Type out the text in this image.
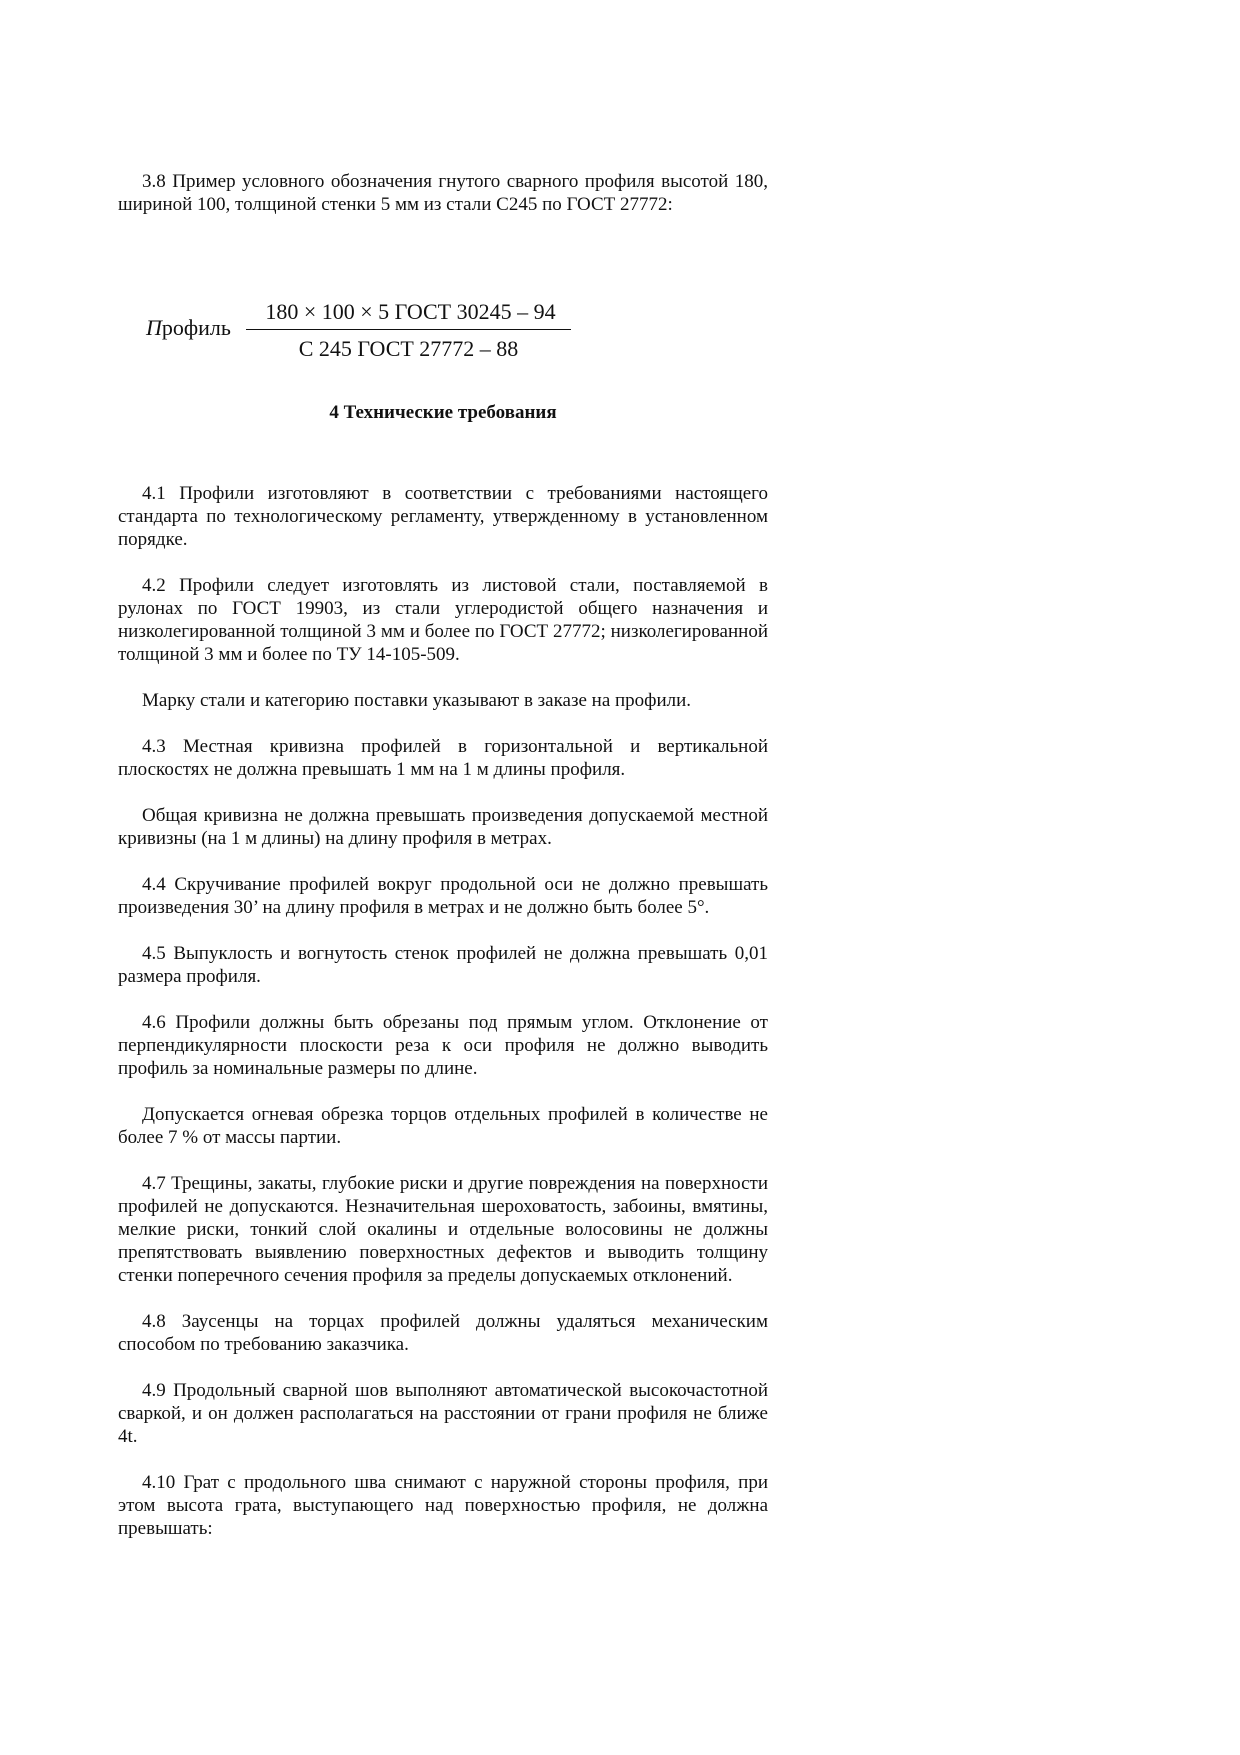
3.8 Пример условного обозначения гнутого сварного профиля высотой 180, шириной 100, толщиной стенки 5 мм из стали С245 по ГОСТ 27772:

Профиль
180 × 100 × 5 ГОСТ 30245 – 94
С 245 ГОСТ 27772 – 88
4 Технические требования

4.1 Профили изготовляют в соответствии с требованиями настоящего стандарта по технологическому регламенту, утвержденному в установленном порядке.

4.2 Профили следует изготовлять из листовой стали, поставляемой в рулонах по ГОСТ 19903, из стали углеродистой общего назначения и низколегированной толщиной 3 мм и более по ГОСТ 27772; низколегированной толщиной 3 мм и более по ТУ 14-105-509.

Марку стали и категорию поставки указывают в заказе на профили.

4.3 Местная кривизна профилей в горизонтальной и вертикальной плоскостях не должна превышать 1 мм на 1 м длины профиля.

Общая кривизна не должна превышать произведения допускаемой местной кривизны (на 1 м длины) на длину профиля в метрах.

4.4 Скручивание профилей вокруг продольной оси не должно превышать произведения 30’ на длину профиля в метрах и не должно быть более 5°.

4.5 Выпуклость и вогнутость стенок профилей не должна превышать 0,01 размера профиля.

4.6 Профили должны быть обрезаны под прямым углом. Отклонение от перпендикулярности плоскости реза к оси профиля не должно выводить профиль за номинальные размеры по длине.

Допускается огневая обрезка торцов отдельных профилей в количестве не более 7 % от массы партии.

4.7 Трещины, закаты, глубокие риски и другие повреждения на поверхности профилей не допускаются. Незначительная шероховатость, забоины, вмятины, мелкие риски, тонкий слой окалины и отдельные волосовины не должны препятствовать выявлению поверхностных дефектов и выводить толщину стенки поперечного сечения профиля за пределы допускаемых отклонений.

4.8 Заусенцы на торцах профилей должны удаляться механическим способом по требованию заказчика.

4.9 Продольный сварной шов выполняют автоматической высокочастотной сваркой, и он должен располагаться на расстоянии от грани профиля не ближе 4t.

4.10 Грат с продольного шва снимают с наружной стороны профиля, при этом высота грата, выступающего над поверхностью профиля, не должна превышать:
